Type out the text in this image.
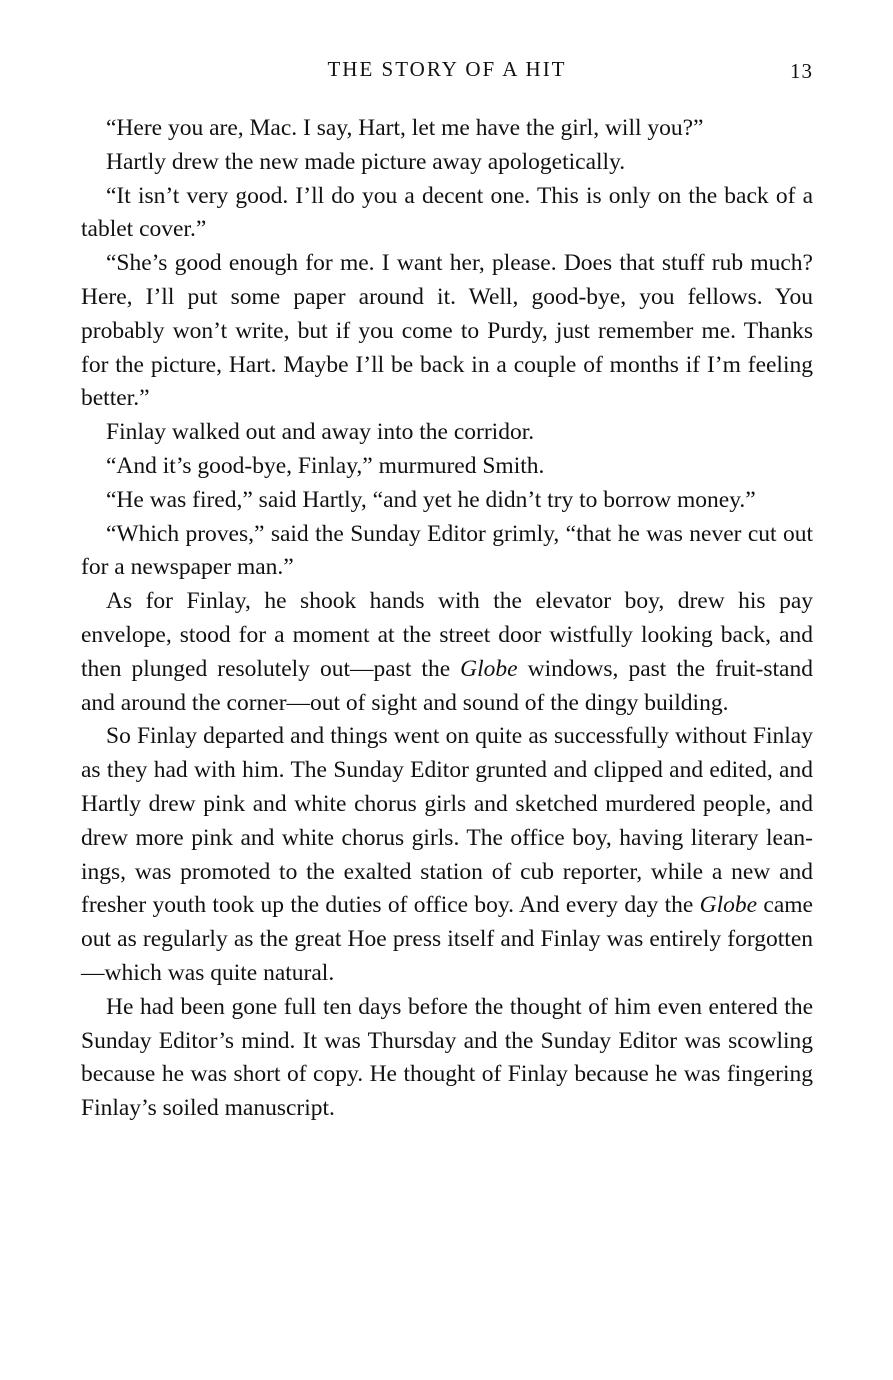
THE STORY OF A HIT	13

“Here you are, Mac. I say, Hart, let me have the girl, will you?”

Hartly drew the new made picture away apologetically.

“It isn’t very good. I’ll do you a decent one. This is only on the back of a tablet cover.”

“She’s good enough for me. I want her, please. Does that stuff rub much? Here, I’ll put some paper around it. Well, good-bye, you fellows. You probably won’t write, but if you come to Purdy, just remember me. Thanks for the picture, Hart. Maybe I’ll be back in a couple of months if I’m feeling better.”

Finlay walked out and away into the corridor.

“And it’s good-bye, Finlay,” murmured Smith.

“He was fired,” said Hartly, “and yet he didn’t try to borrow money.”

“Which proves,” said the Sunday Editor grimly, “that he was never cut out for a newspaper man.”

As for Finlay, he shook hands with the elevator boy, drew his pay envelope, stood for a moment at the street door wistfully looking back, and then plunged resolutely out—past the Globe windows, past the fruit-stand and around the corner—out of sight and sound of the dingy building.

So Finlay departed and things went on quite as successfully without Finlay as they had with him. The Sunday Editor grunted and clipped and edited, and Hartly drew pink and white chorus girls and sketched murdered people, and drew more pink and white chorus girls. The office boy, having literary leanings, was promoted to the exalted station of cub reporter, while a new and fresher youth took up the duties of office boy. And every day the Globe came out as regularly as the great Hoe press itself and Finlay was entirely forgotten—which was quite natural.

He had been gone full ten days before the thought of him even entered the Sunday Editor’s mind. It was Thursday and the Sunday Editor was scowling because he was short of copy. He thought of Finlay because he was fingering Finlay’s soiled manuscript.
